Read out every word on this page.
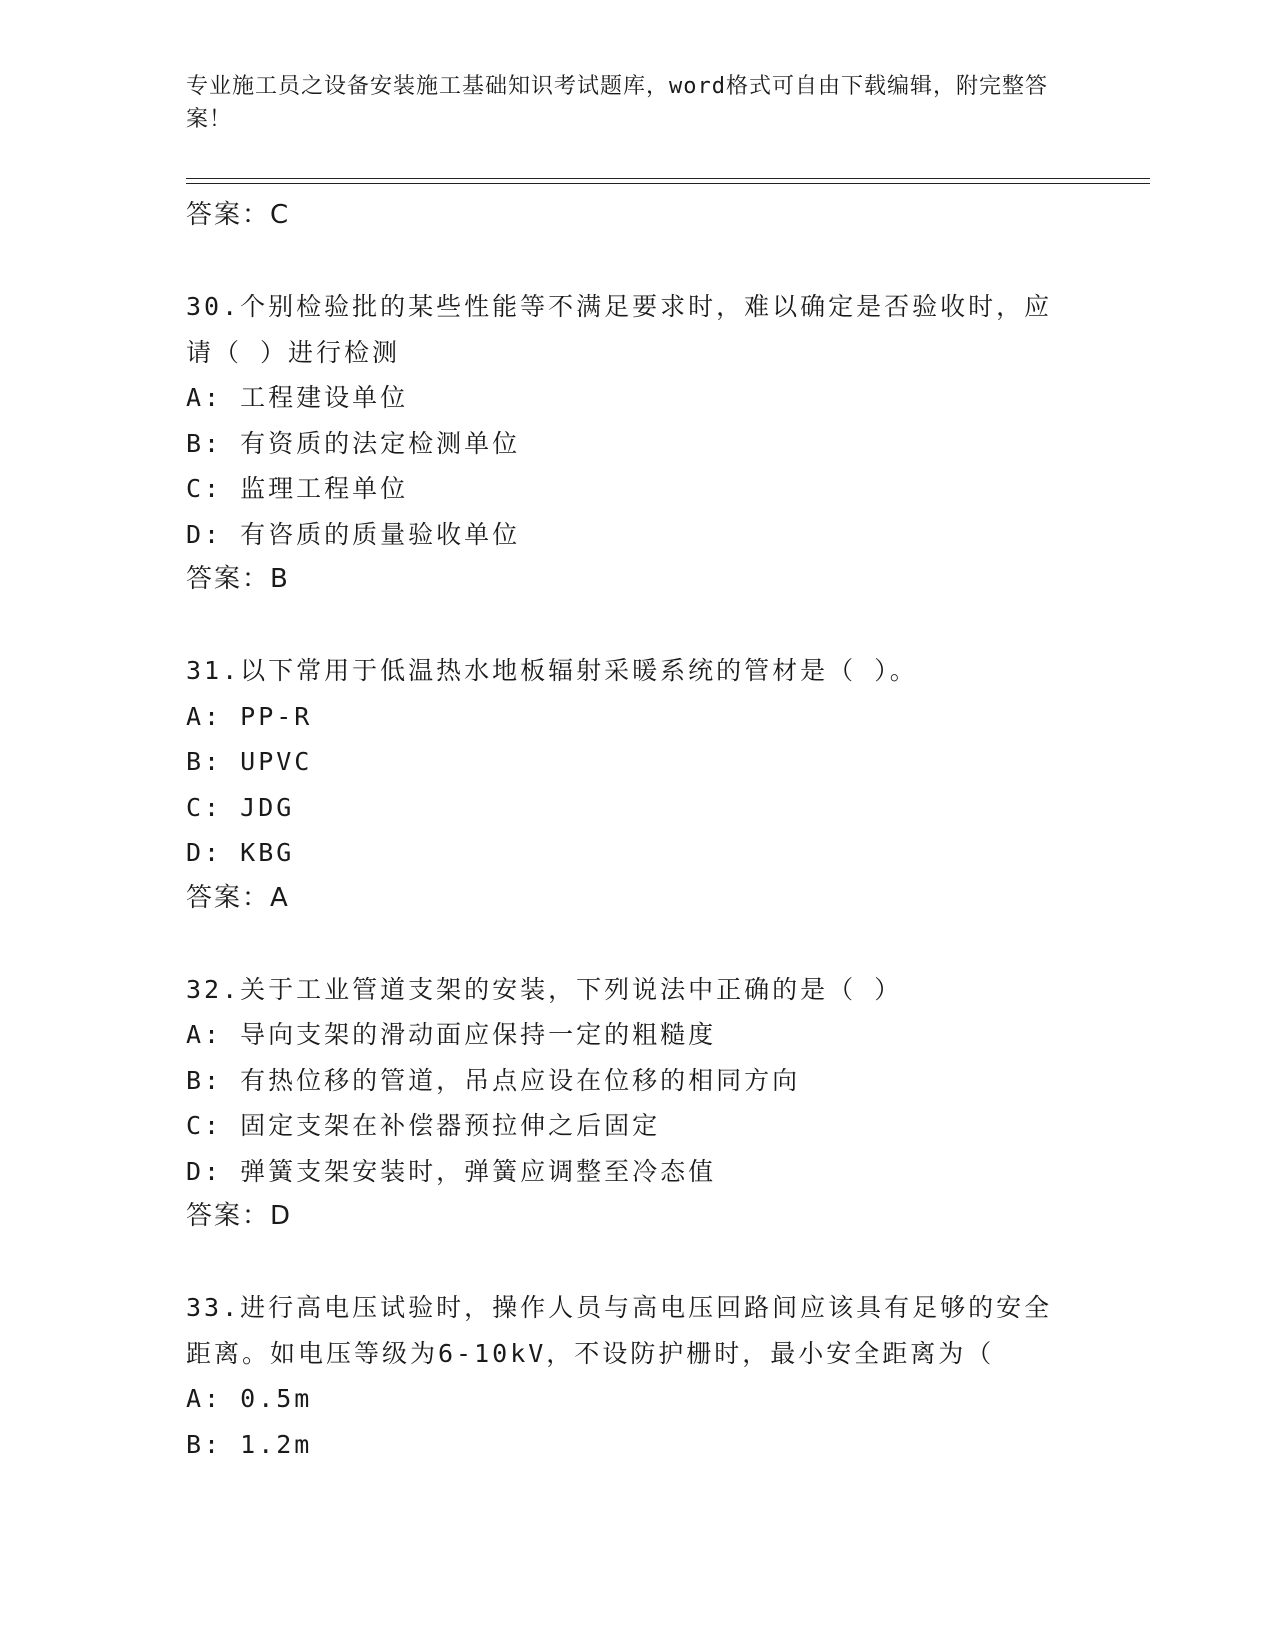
专业施工员之设备安装施工基础知识考试题库，word格式可自由下载编辑，附完整答案！
答案：C
30.个别检验批的某些性能等不满足要求时，难以确定是否验收时，应请（ ）进行检测
A: 工程建设单位
B: 有资质的法定检测单位
C: 监理工程单位
D: 有咨质的质量验收单位
答案：B
31.以下常用于低温热水地板辐射采暖系统的管材是（ ）。
A: PP-R
B: UPVC
C: JDG
D: KBG
答案：A
32.关于工业管道支架的安装，下列说法中正确的是（ ）
A: 导向支架的滑动面应保持一定的粗糙度
B: 有热位移的管道，吊点应设在位移的相同方向
C: 固定支架在补偿器预拉伸之后固定
D: 弹簧支架安装时，弹簧应调整至冷态值
答案：D
33.进行高电压试验时，操作人员与高电压回路间应该具有足够的安全距离。如电压等级为6-10kV，不设防护栅时，最小安全距离为（
A: 0.5m
B: 1.2m
